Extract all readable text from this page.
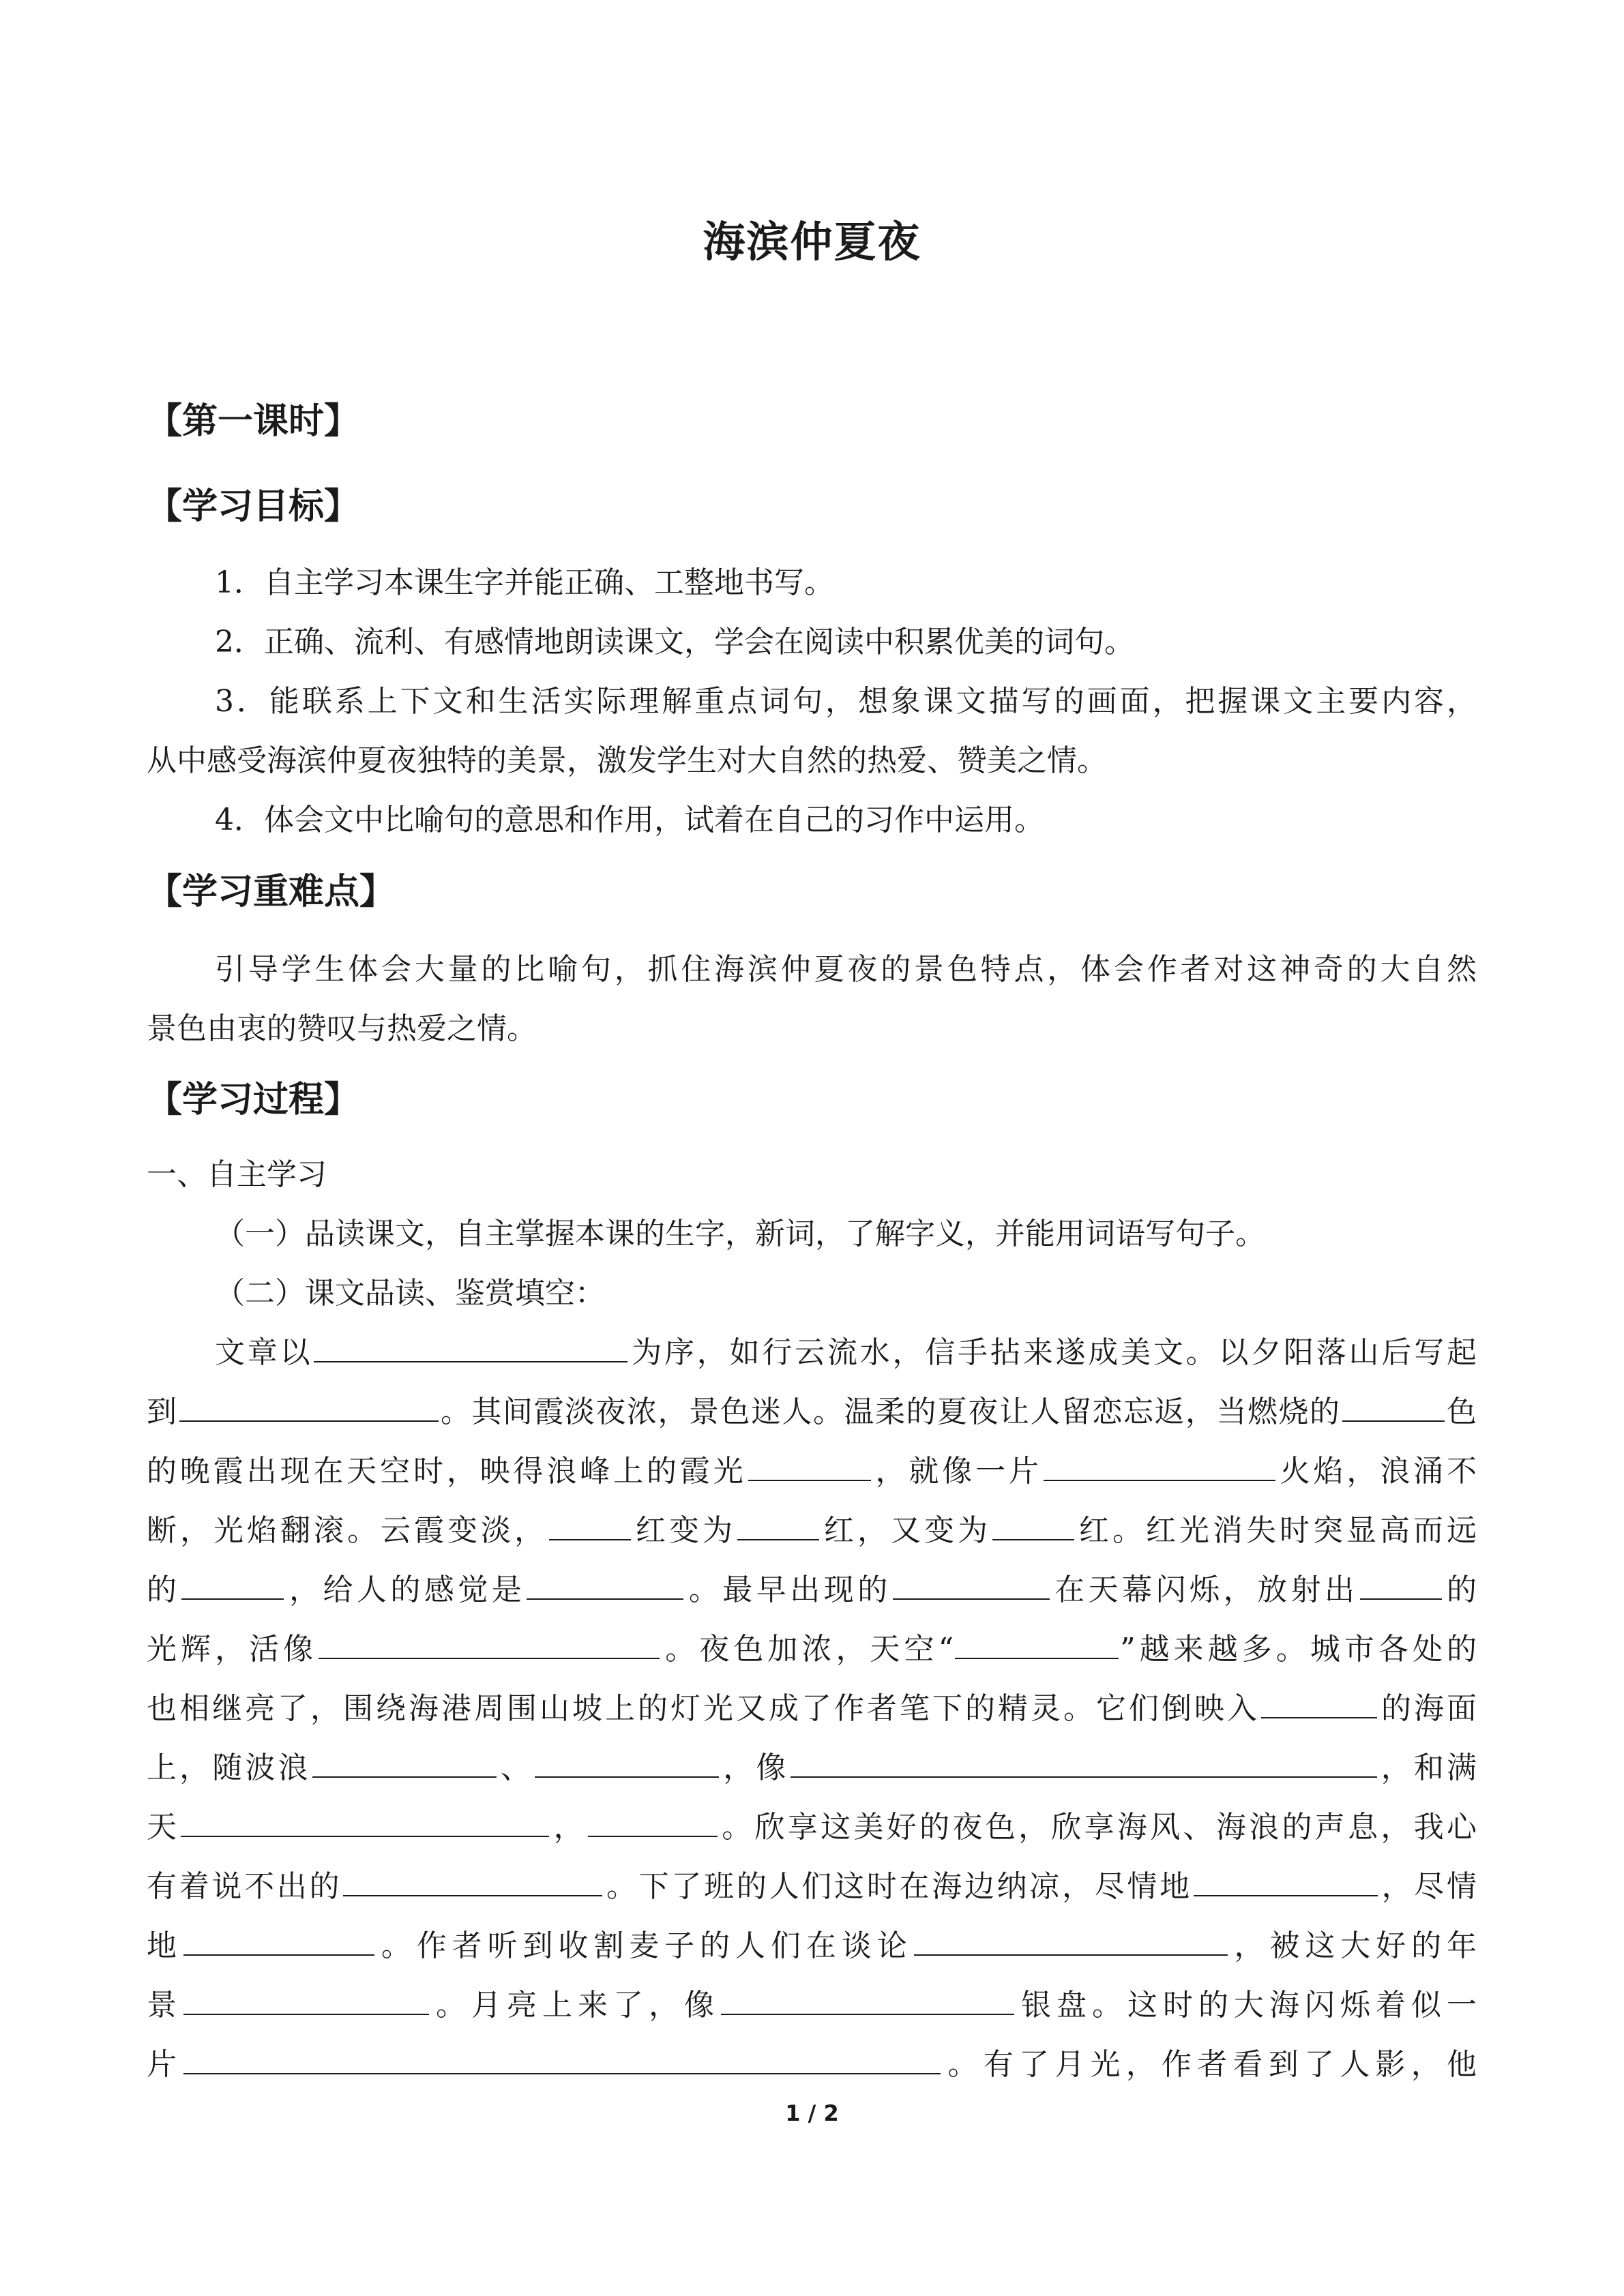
海滨仲夏夜
【第一课时】
【学习目标】
1．自主学习本课生字并能正确、工整地书写。
2．正确、流利、有感情地朗读课文，学会在阅读中积累优美的词句。
3．能联系上下文和生活实际理解重点词句，想象课文描写的画面，把握课文主要内容，
从中感受海滨仲夏夜独特的美景，激发学生对大自然的热爱、赞美之情。
4．体会文中比喻句的意思和作用，试着在自己的习作中运用。
【学习重难点】
引导学生体会大量的比喻句，抓住海滨仲夏夜的景色特点，体会作者对这神奇的大自然
景色由衷的赞叹与热爱之情。
【学习过程】
一、自主学习
（一）品读课文，自主掌握本课的生字，新词，了解字义，并能用词语写句子。
（二）课文品读、鉴赏填空：
文章以	为序，如行云流水，信手拈来遂成美文。以夕阳落山后写起
到	。其间霞淡夜浓，景色迷人。温柔的夏夜让人留恋忘返，当燃烧的	色
的晚霞出现在天空时，映得浪峰上的霞光	，就像一片	火焰，浪涌不
断，光焰翻滚。云霞变淡，	红变为	红，又变为	红。红光消失时突显高而远
的	，给人的感觉是	。最早出现的	在天幕闪烁，放射出	的
光辉，活像	。夜色加浓，天空“	”越来越多。城市各处的
也相继亮了，围绕海港周围山坡上的灯光又成了作者笔下的精灵。它们倒映入	的海面
上，随波浪	、	，像	，和满
天	，	。欣享这美好的夜色，欣享海风、海浪的声息，我心
有着说不出的	。下了班的人们这时在海边纳凉，尽情地	，尽情
地	。作者听到收割麦子的人们在谈论	，被这大好的年
景	。月亮上来了，像	银盘。这时的大海闪烁着似一
片	。有了月光，作者看到了人影，他
1 / 2
